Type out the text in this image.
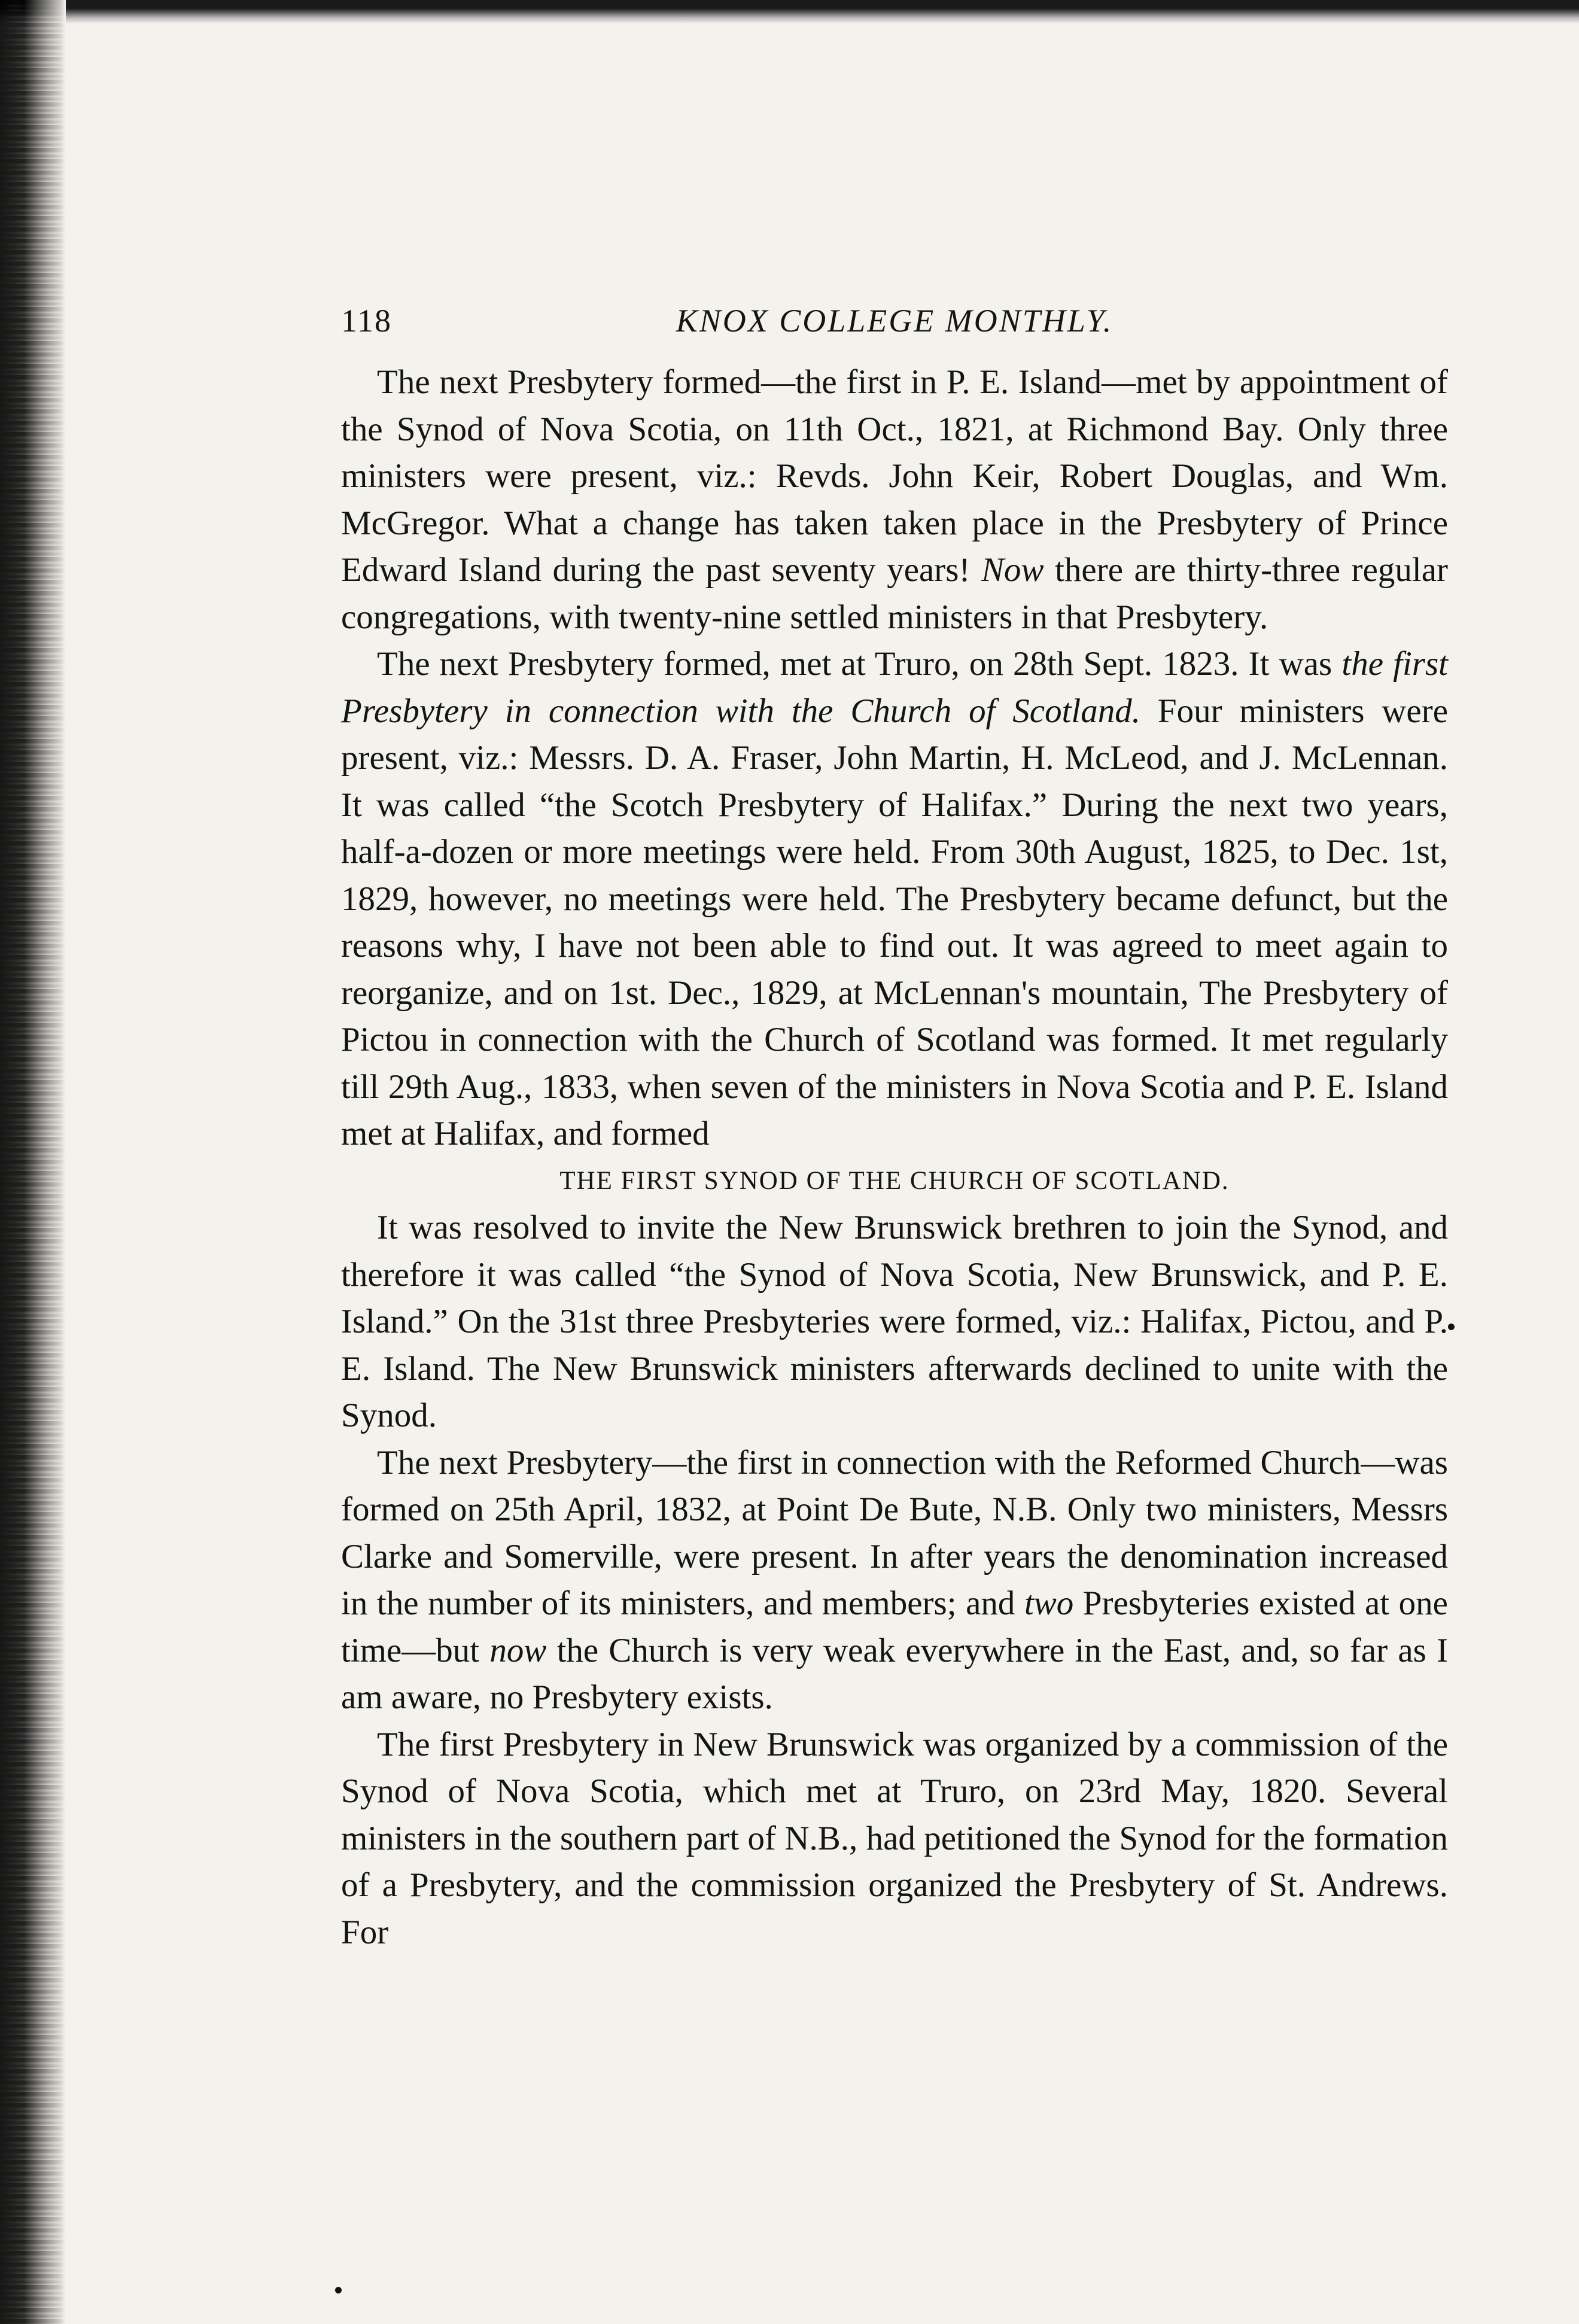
118	KNOX COLLEGE MONTHLY.

The next Presbytery formed—the first in P. E. Island—met by appointment of the Synod of Nova Scotia, on 11th Oct., 1821, at Richmond Bay. Only three ministers were present, viz.: Revds. John Keir, Robert Douglas, and Wm. McGregor. What a change has taken taken place in the Presbytery of Prince Edward Island during the past seventy years! Now there are thirty-three regular congregations, with twenty-nine settled ministers in that Presbytery.

The next Presbytery formed, met at Truro, on 28th Sept. 1823. It was the first Presbytery in connection with the Church of Scotland. Four ministers were present, viz.: Messrs. D. A. Fraser, John Martin, H. McLeod, and J. McLennan. It was called “the Scotch Presbytery of Halifax.” During the next two years, half-a-dozen or more meetings were held. From 30th August, 1825, to Dec. 1st, 1829, however, no meetings were held. The Presbytery became defunct, but the reasons why, I have not been able to find out. It was agreed to meet again to reorganize, and on 1st. Dec., 1829, at McLennan's mountain, The Presbytery of Pictou in connection with the Church of Scotland was formed. It met regularly till 29th Aug., 1833, when seven of the ministers in Nova Scotia and P. E. Island met at Halifax, and formed

THE FIRST SYNOD OF THE CHURCH OF SCOTLAND.

It was resolved to invite the New Brunswick brethren to join the Synod, and therefore it was called “the Synod of Nova Scotia, New Brunswick, and P. E. Island.” On the 31st three Presbyteries were formed, viz.: Halifax, Pictou, and P. E. Island. The New Brunswick ministers afterwards declined to unite with the Synod.

The next Presbytery—the first in connection with the Reformed Church—was formed on 25th April, 1832, at Point De Bute, N.B. Only two ministers, Messrs Clarke and Somerville, were present. In after years the denomination increased in the number of its ministers, and members; and two Presbyteries existed at one time—but now the Church is very weak everywhere in the East, and, so far as I am aware, no Presbytery exists.

The first Presbytery in New Brunswick was organized by a commission of the Synod of Nova Scotia, which met at Truro, on 23rd May, 1820. Several ministers in the southern part of N.B., had petitioned the Synod for the formation of a Presbytery, and the commission organized the Presbytery of St. Andrews. For
